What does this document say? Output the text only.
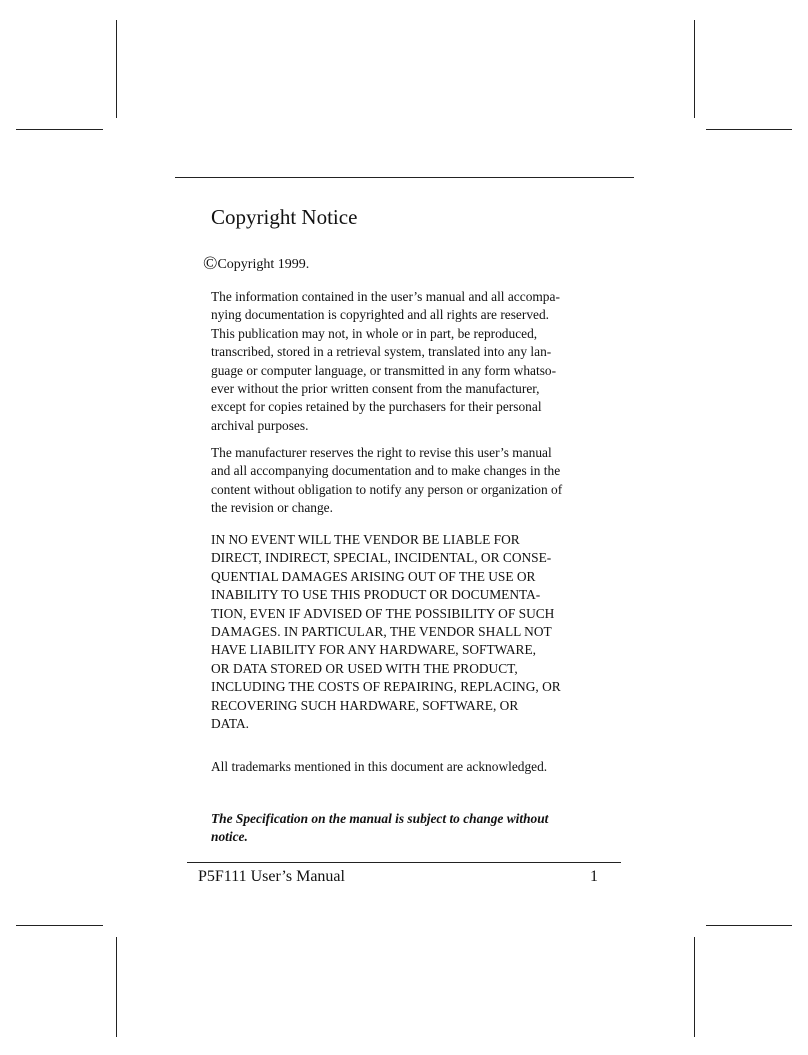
Copyright Notice
©Copyright 1999.
The information contained in the user’s manual and all accompa-
nying documentation is copyrighted and all rights are reserved.
This publication may not, in whole or in part, be reproduced,
transcribed, stored in a retrieval system, translated into any lan-
guage or computer language, or transmitted in any form whatso-
ever without the prior written consent from the manufacturer,
except for copies retained by the purchasers for their personal
archival purposes.
The manufacturer reserves the right to revise this user’s manual
and all accompanying documentation and to make changes in the
content without obligation to notify any person or organization of
the revision or change.
IN NO EVENT WILL THE VENDOR BE LIABLE FOR
DIRECT, INDIRECT, SPECIAL, INCIDENTAL, OR CONSE-
QUENTIAL DAMAGES ARISING OUT OF THE USE OR
INABILITY TO USE THIS PRODUCT OR DOCUMENTA-
TION, EVEN IF ADVISED OF THE POSSIBILITY OF SUCH
DAMAGES. IN PARTICULAR, THE VENDOR SHALL NOT
HAVE LIABILITY FOR ANY HARDWARE, SOFTWARE,
OR DATA STORED OR USED WITH THE PRODUCT,
INCLUDING THE COSTS OF REPAIRING, REPLACING, OR
RECOVERING SUCH HARDWARE, SOFTWARE, OR
DATA.
All trademarks mentioned in this document are acknowledged.
The Specification on the manual is subject to change without
notice.
P5F111 User’s Manual	1
